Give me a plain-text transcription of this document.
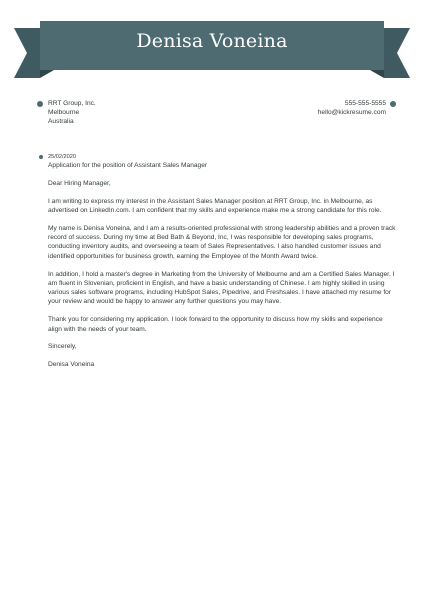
Denisa Voneina
RRT Group, Inc.
Melbourne
Australia
555-555-5555
hello@kickresume.com
25/02/2020
Application for the position of Assistant Sales Manager

Dear Hiring Manager,

I am writing to express my interest in the Assistant Sales Manager position at RRT Group, Inc. in Melbourne, as advertised on LinkedIn.com. I am confident that my skills and experience make me a strong candidate for this role.

My name is Denisa Voneina, and I am a results-oriented professional with strong leadership abilities and a proven track record of success. During my time at Bed Bath & Beyond, Inc, I was responsible for developing sales programs, conducting inventory audits, and overseeing a team of Sales Representatives. I also handled customer issues and identified opportunities for business growth, earning the Employee of the Month Award twice.

In addition, I hold a master's degree in Marketing from the University of Melbourne and am a Certified Sales Manager. I am fluent in Slovenian, proficient in English, and have a basic understanding of Chinese. I am highly skilled in using various sales software programs, including HubSpot Sales, Pipedrive, and Freshsales. I have attached my resume for your review and would be happy to answer any further questions you may have.

Thank you for considering my application. I look forward to the opportunity to discuss how my skills and experience align with the needs of your team.

Sincerely,

Denisa Voneina
